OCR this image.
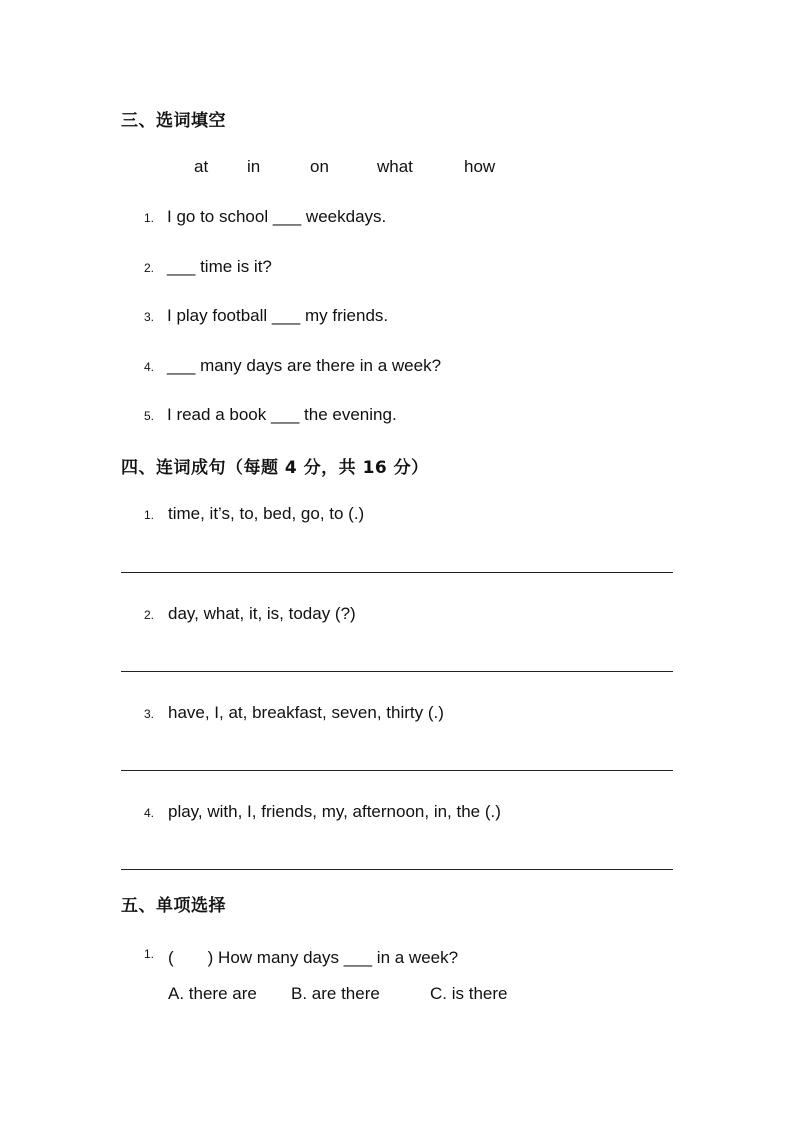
三、选词填空
at in	on	what	how
1. I go to school ___ weekdays.
2. ___ time is it?
3. I play football ___ my friends.
4. ___ many days are there in a week?
5. I read a book ___ the evening.
四、连词成句（每题 4 分，共 16 分）
1. time, it’s, to, bed, go, to (.)
2. day, what, it, is, today (?)
3. have, I, at, breakfast, seven, thirty (.)
4. play, with, I, friends, my, afternoon, in, the (.)
五、单项选择
1. (　　) How many days ___ in a week?
A. there are B. are there	C. is there
